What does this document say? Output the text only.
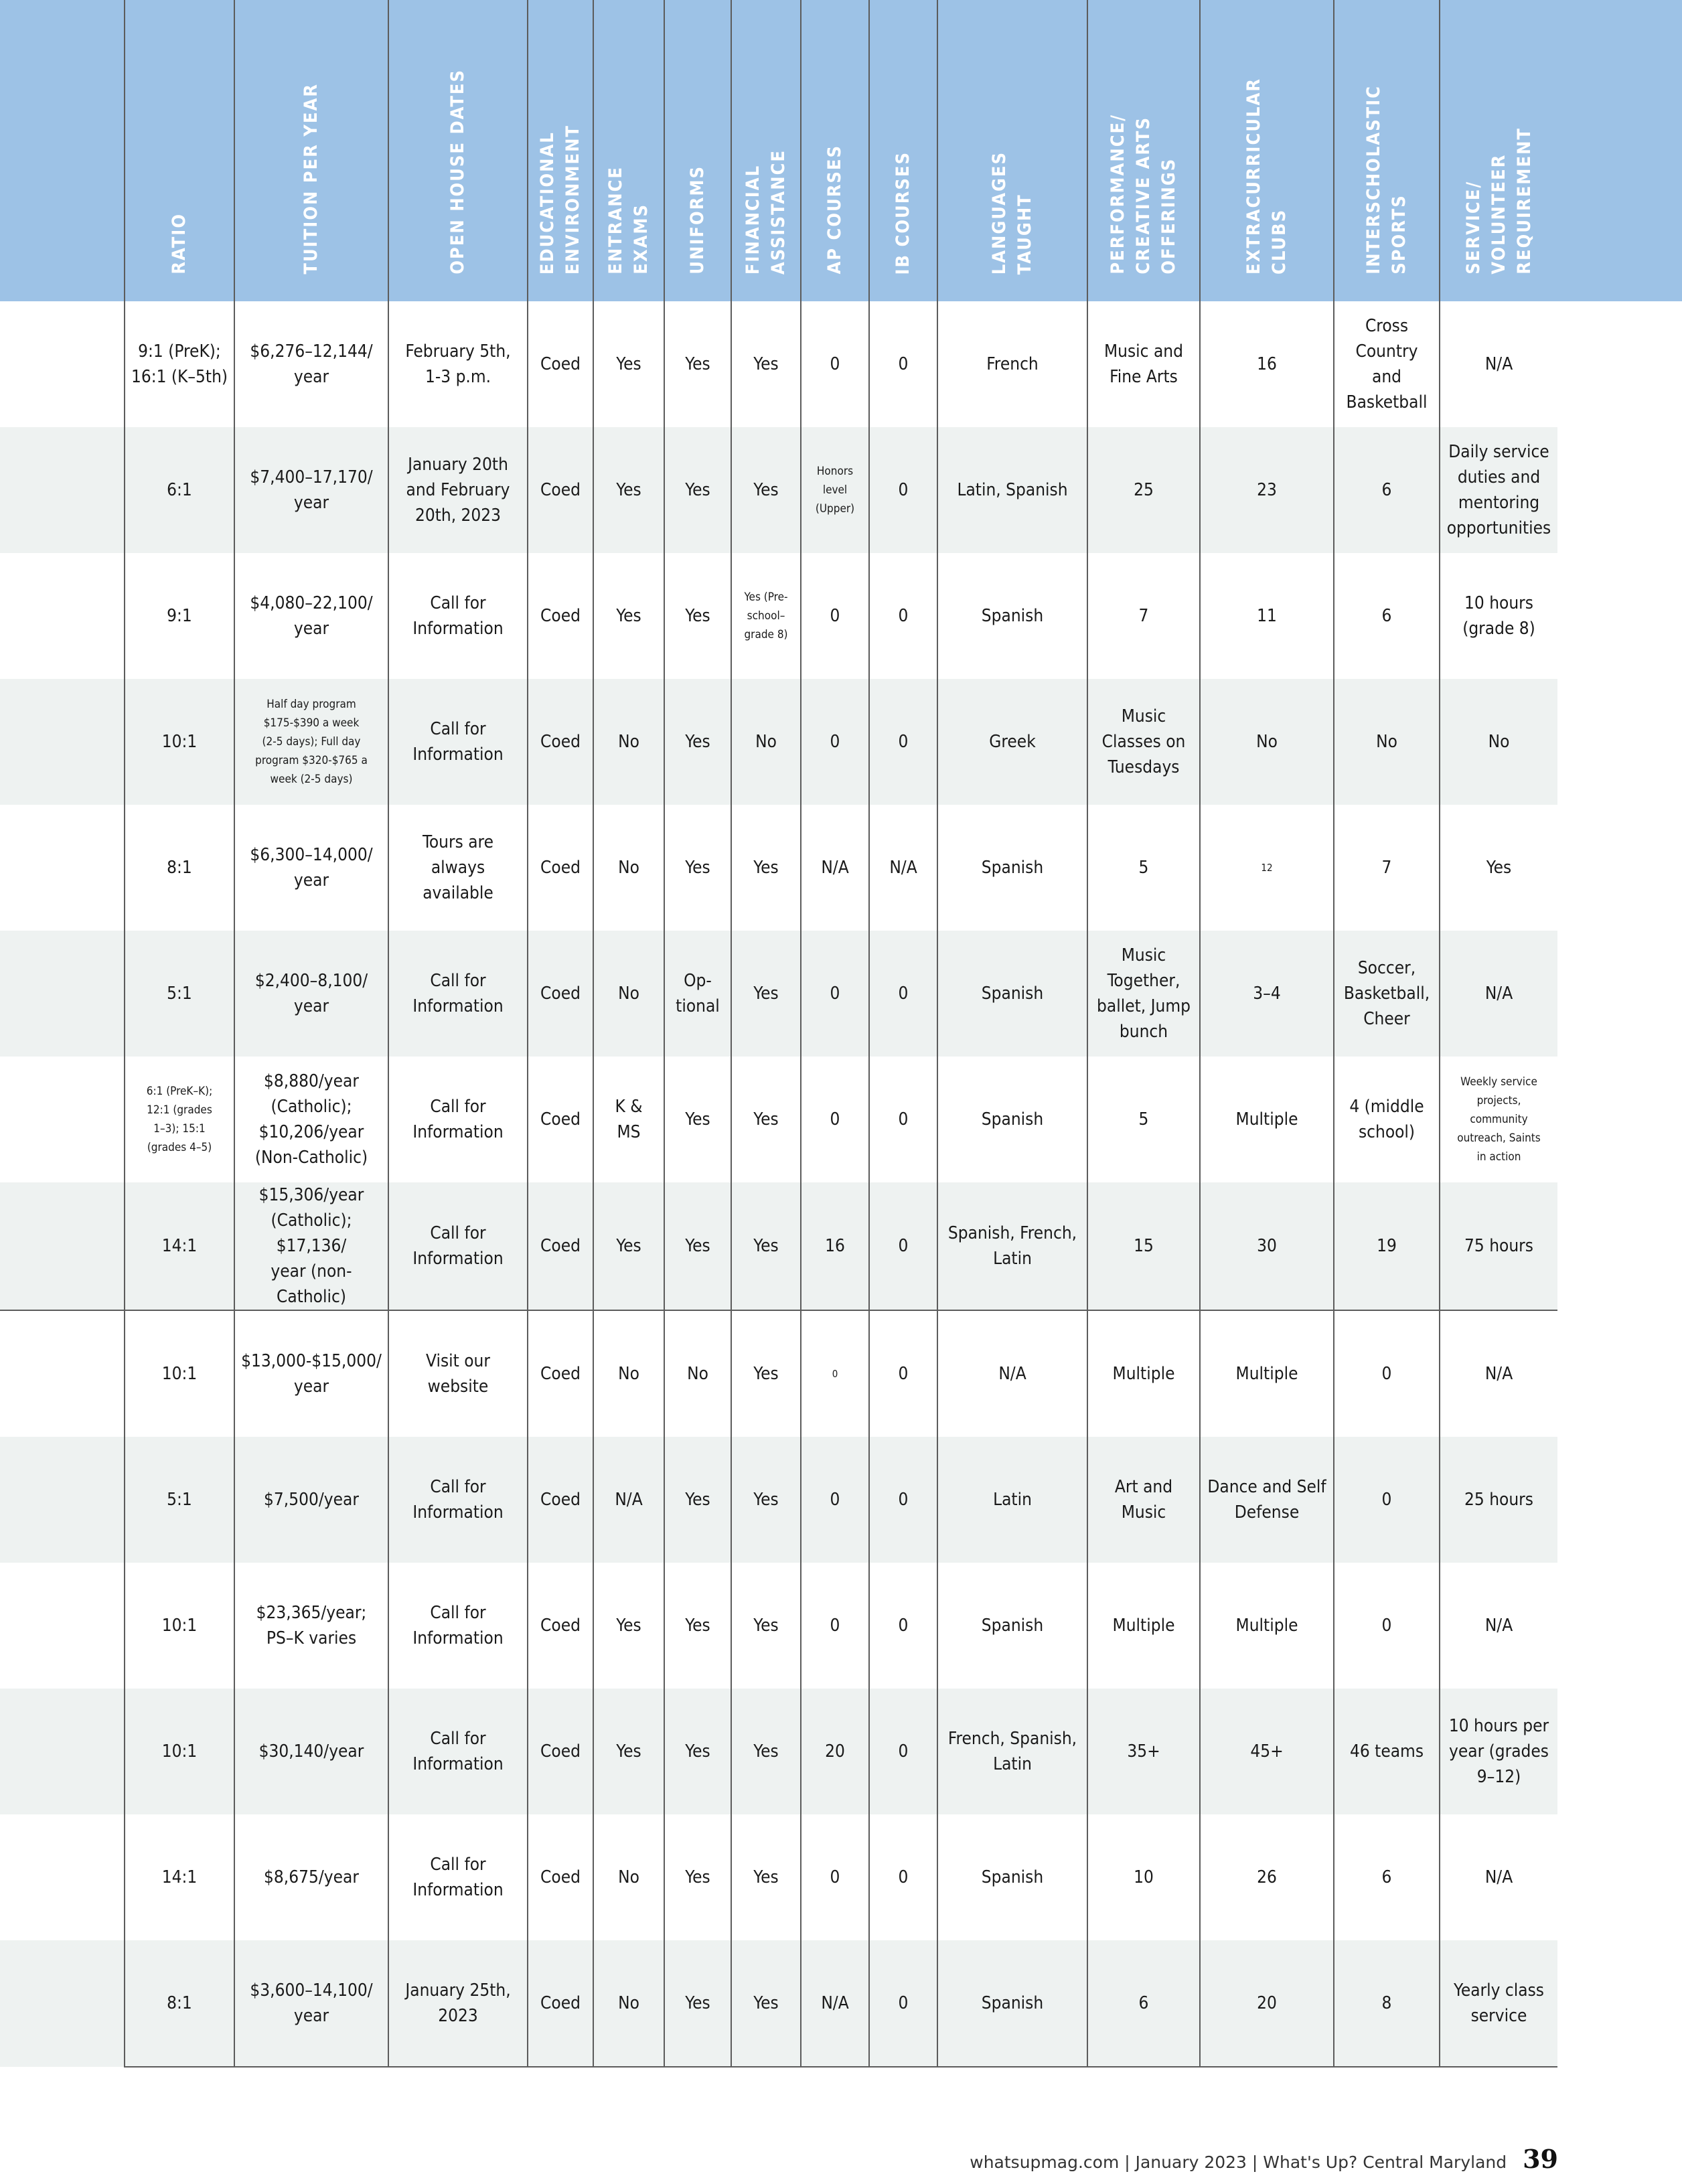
	RATIO	TUITION PER YEAR	OPEN HOUSE DATES	EDUCATIONAL
ENVIRONMENT	ENTRANCE
EXAMS	UNIFORMS	FINANCIAL
ASSISTANCE	AP COURSES	IB COURSES	LANGUAGES
TAUGHT	PERFORMANCE/
CREATIVE ARTS
OFFERINGS	EXTRACURRICULAR
CLUBS	INTERSCHOLASTIC
SPORTS	SERVICE/
VOLUNTEER
REQUIREMENT

	9:1 (PreK);
16:1 (K–5th)	$6,276–12,144/
year	February 5th,
1-3 p.m.	Coed	Yes	Yes	Yes	0	0	French	Music and
Fine Arts	16	Cross
Country
and
Basketball	N/A
	6:1	$7,400–17,170/
year	January 20th
and February
20th, 2023	Coed	Yes	Yes	Yes	Honors
level
(Upper)	0	Latin, Spanish	25	23	6	Daily service
duties and
mentoring
opportunities
	9:1	$4,080–22,100/
year	Call for
Information	Coed	Yes	Yes	Yes (Pre-
school–
grade 8)	0	0	Spanish	7	11	6	10 hours
(grade 8)
	10:1	Half day program
$175-$390 a week
(2-5 days); Full day
program $320-$765 a
week (2-5 days)	Call for
Information	Coed	No	Yes	No	0	0	Greek	Music
Classes on
Tuesdays	No	No	No
	8:1	$6,300–14,000/
year	Tours are always
available	Coed	No	Yes	Yes	N/A	N/A	Spanish	5	12	7	Yes
	5:1	$2,400–8,100/
year	Call for
Information	Coed	No	Op-
tional	Yes	0	0	Spanish	Music
Together,
ballet, Jump
bunch	3–4	Soccer,
Basketball,
Cheer	N/A
	6:1 (PreK–K);
12:1 (grades
1–3); 15:1
(grades 4–5)	$8,880/year
(Catholic);
$10,206/year
(Non-Catholic)	Call for
Information	Coed	K &
MS	Yes	Yes	0	0	Spanish	5	Multiple	4 (middle
school)	Weekly service
projects,
community
outreach, Saints
in action
	14:1	$15,306/year
(Catholic); $17,136/
year (non-
Catholic)	Call for
Information	Coed	Yes	Yes	Yes	16	0	Spanish, French,
Latin	15	30	19	75 hours
	10:1	$13,000-$15,000/
year	Visit our website	Coed	No	No	Yes	0	0	N/A	Multiple	Multiple	0	N/A
	5:1	$7,500/year	Call for
Information	Coed	N/A	Yes	Yes	0	0	Latin	Art and
Music	Dance and Self
Defense	0	25 hours
	10:1	$23,365/year;
PS–K varies	Call for
Information	Coed	Yes	Yes	Yes	0	0	Spanish	Multiple	Multiple	0	N/A
	10:1	$30,140/year	Call for
Information	Coed	Yes	Yes	Yes	20	0	French, Spanish,
Latin	35+	45+	46 teams	10 hours per
year (grades
9–12)
	14:1	$8,675/year	Call for
Information	Coed	No	Yes	Yes	0	0	Spanish	10	26	6	N/A
	8:1	$3,600–14,100/
year	January 25th,
2023	Coed	No	Yes	Yes	N/A	0	Spanish	6	20	8	Yearly class
service
whatsupmag.com | January 2023 | What's Up? Central Maryland 39
